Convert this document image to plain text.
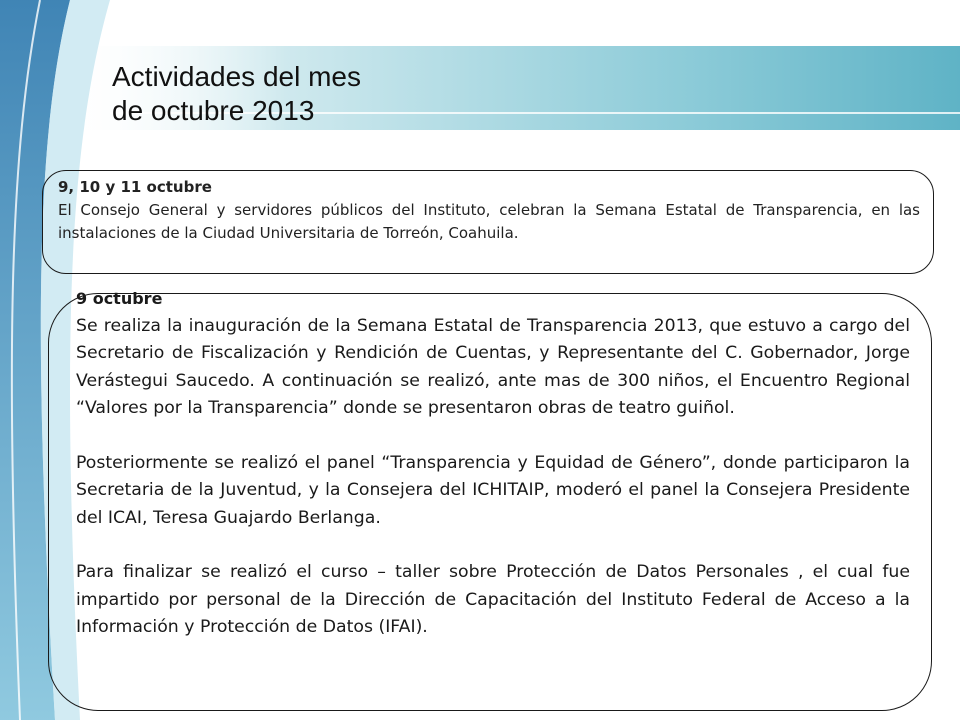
Actividades del mes
de octubre 2013
9, 10 y 11 octubre
El Consejo General y servidores públicos del Instituto, celebran la Semana Estatal de Transparencia, en las instalaciones de la Ciudad Universitaria de Torreón, Coahuila.
9 octubre

Se realiza la inauguración de la Semana Estatal de Transparencia 2013, que estuvo a cargo del Secretario de Fiscalización y Rendición de Cuentas, y Representante del C. Gobernador, Jorge Verástegui Saucedo. A continuación se realizó, ante mas de 300 niños, el Encuentro Regional “Valores por la Transparencia” donde se presentaron obras de teatro guiñol.

Posteriormente se realizó el panel “Transparencia y Equidad de Género”, donde participaron la Secretaria de la Juventud, y la Consejera del ICHITAIP, moderó el panel la Consejera Presidente del ICAI, Teresa Guajardo Berlanga.

Para finalizar se realizó el curso – taller sobre Protección de Datos Personales , el cual fue impartido por personal de la Dirección de Capacitación del Instituto Federal de Acceso a la Información y Protección de Datos (IFAI).
